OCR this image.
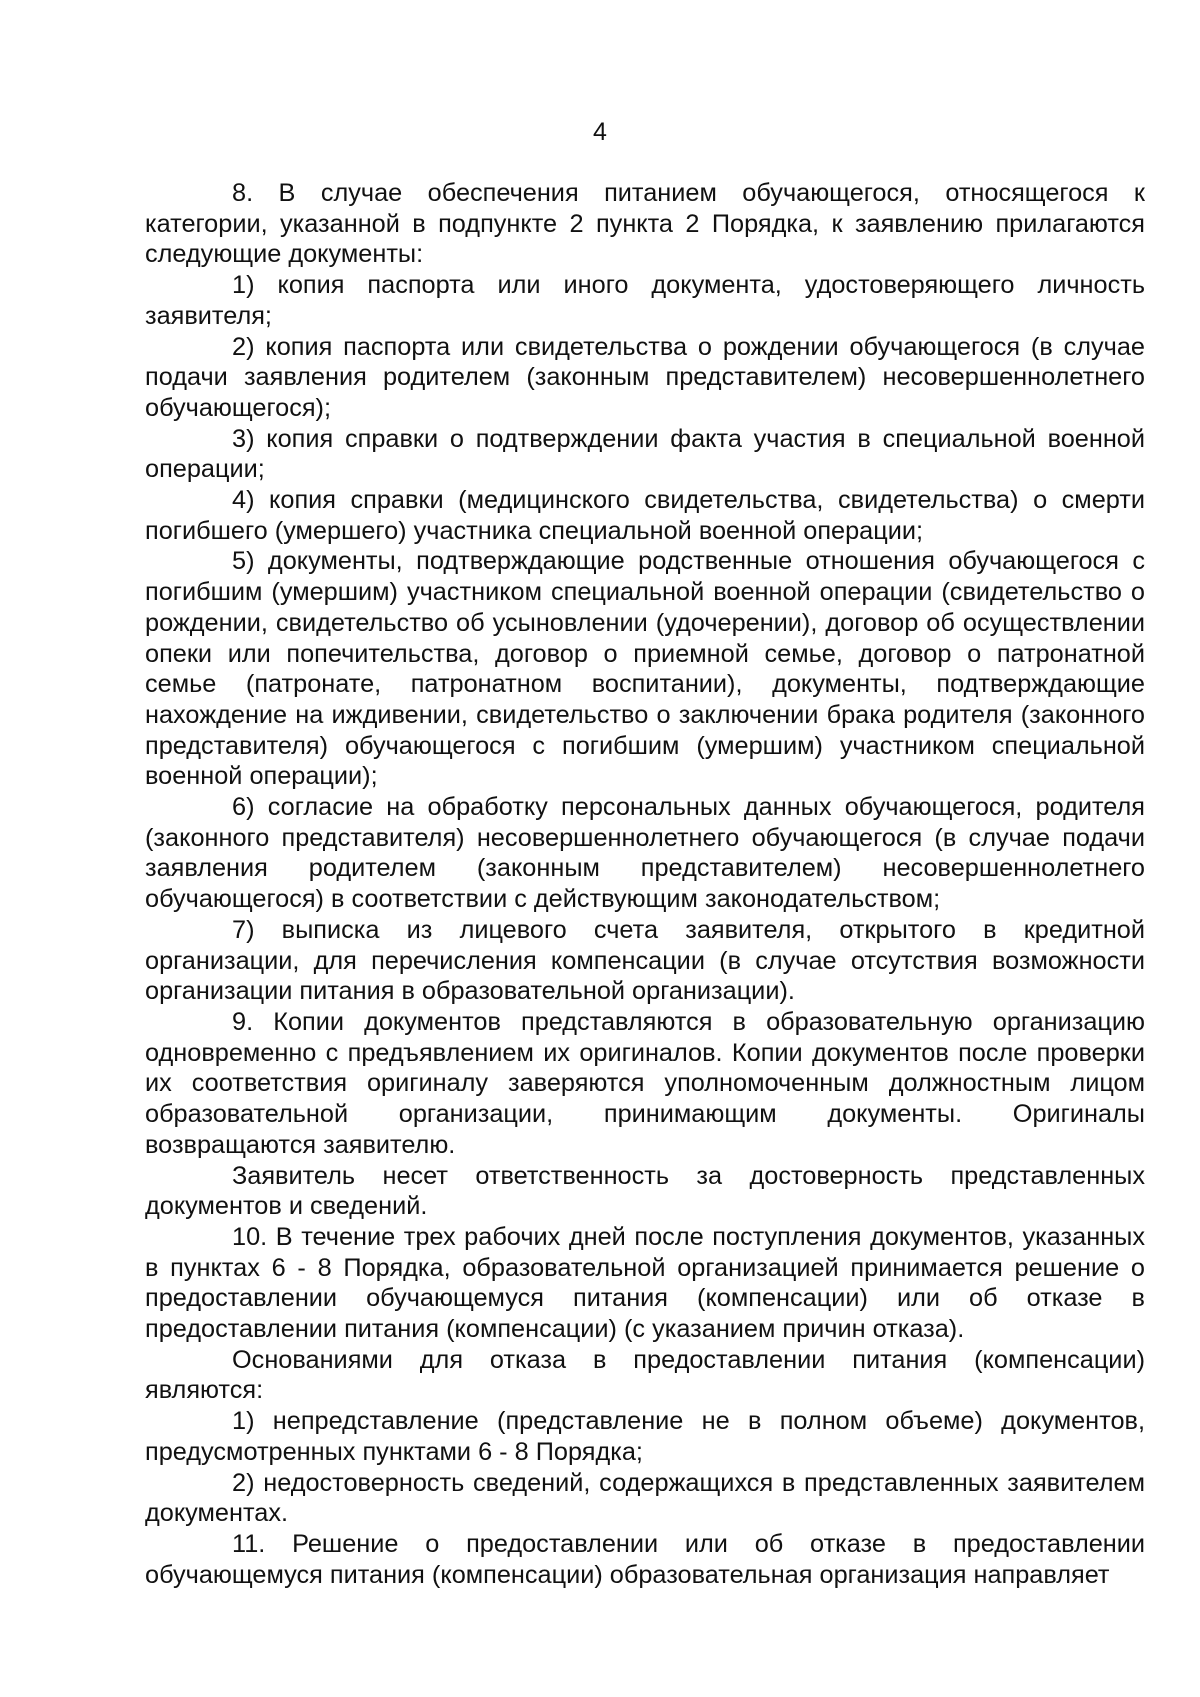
4

8. В случае обеспечения питанием обучающегося, относящегося к категории, указанной в подпункте 2 пункта 2 Порядка, к заявлению прилагаются следующие документы:

1) копия паспорта или иного документа, удостоверяющего личность заявителя;

2) копия паспорта или свидетельства о рождении обучающегося (в случае подачи заявления родителем (законным представителем) несовершеннолетнего обучающегося);

3) копия справки о подтверждении факта участия в специальной военной операции;

4) копия справки (медицинского свидетельства, свидетельства) о смерти погибшего (умершего) участника специальной военной операции;

5) документы, подтверждающие родственные отношения обучающегося с погибшим (умершим) участником специальной военной операции (свидетельство о рождении, свидетельство об усыновлении (удочерении), договор об осуществлении опеки или попечительства, договор о приемной семье, договор о патронатной семье (патронате, патронатном воспитании), документы, подтверждающие нахождение на иждивении, свидетельство о заключении брака родителя (законного представителя) обучающегося с погибшим (умершим) участником специальной военной операции);

6) согласие на обработку персональных данных обучающегося, родителя (законного представителя) несовершеннолетнего обучающегося (в случае подачи заявления родителем (законным представителем) несовершеннолетнего обучающегося) в соответствии с действующим законодательством;

7) выписка из лицевого счета заявителя, открытого в кредитной организации, для перечисления компенсации (в случае отсутствия возможности организации питания в образовательной организации).

9. Копии документов представляются в образовательную организацию одновременно с предъявлением их оригиналов. Копии документов после проверки их соответствия оригиналу заверяются уполномоченным должностным лицом образовательной организации, принимающим документы. Оригиналы возвращаются заявителю.

Заявитель несет ответственность за достоверность представленных документов и сведений.

10. В течение трех рабочих дней после поступления документов, указанных в пунктах 6 - 8 Порядка, образовательной организацией принимается решение о предоставлении обучающемуся питания (компенсации) или об отказе в предоставлении питания (компенсации) (с указанием причин отказа).

Основаниями для отказа в предоставлении питания (компенсации) являются:

1) непредставление (представление не в полном объеме) документов, предусмотренных пунктами 6 - 8 Порядка;

2) недостоверность сведений, содержащихся в представленных заявителем документах.

11. Решение о предоставлении или об отказе в предоставлении обучающемуся питания (компенсации) образовательная организация направляет
